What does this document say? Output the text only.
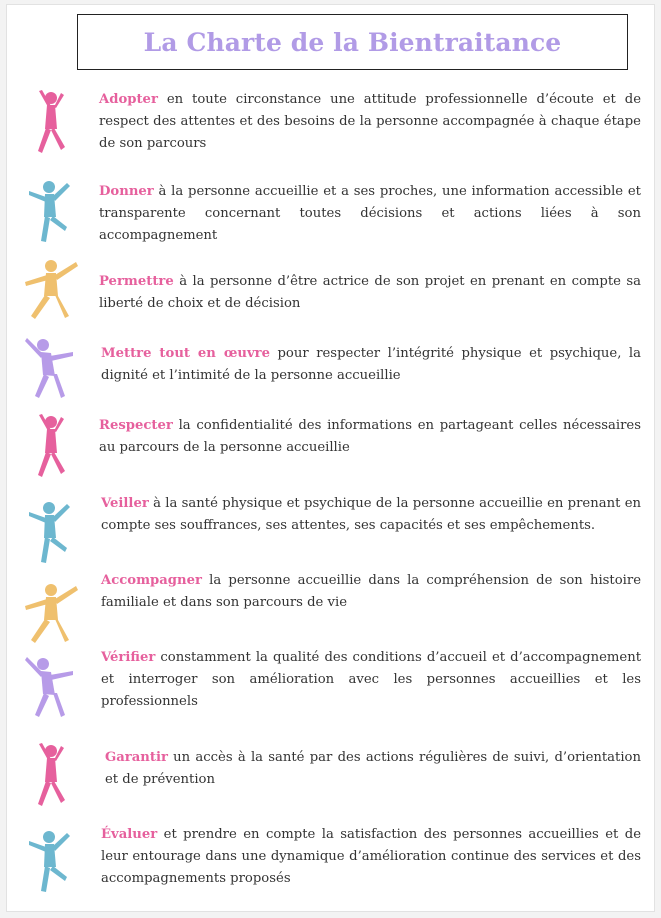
La Charte de la Bientraitance

Adopter en toute circonstance une attitude professionnelle d’écoute et de respect des attentes et des besoins de la personne accompagnée à chaque étape de son parcours

Donner à la personne accueillie et a ses proches, une information accessible et transparente concernant toutes décisions et actions liées à son accompagnement

Permettre à la personne d’être actrice de son projet en prenant en compte sa liberté de choix et de décision

Mettre tout en œuvre pour respecter l’intégrité physique et psychique, la dignité et l’intimité de la personne accueillie

Respecter la confidentialité des informations en partageant celles nécessaires au parcours de la personne accueillie

Veiller à la santé physique et psychique de la personne accueillie en prenant en compte ses souffrances, ses attentes, ses capacités et ses empêchements.

Accompagner la personne accueillie dans la compréhension de son histoire familiale et dans son parcours de vie

Vérifier constamment la qualité des conditions d’accueil et d’accompagnement et interroger son amélioration avec les personnes accueillies et les professionnels

Garantir un accès à la santé par des actions régulières de suivi, d’orientation et de prévention

Évaluer et prendre en compte la satisfaction des personnes accueillies et de leur entourage dans une dynamique d’amélioration continue des services et des accompagnements proposés
